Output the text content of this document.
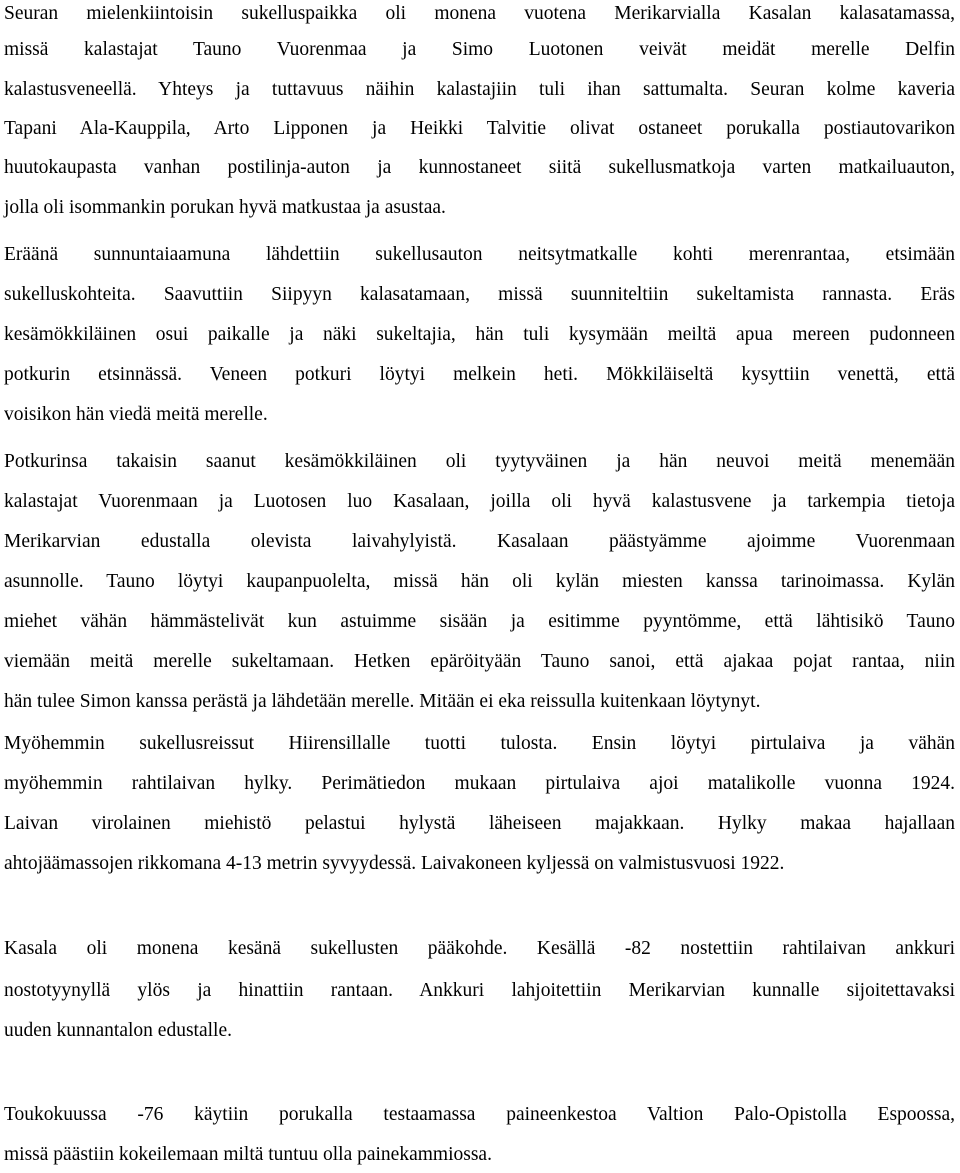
Seuran mielenkiintoisin sukelluspaikka oli monena vuotena Merikarvialla Kasalan kalasatamassa,
missä kalastajat Tauno Vuorenmaa ja Simo Luotonen veivät meidät merelle Delfin
kalastusveneellä. Yhteys ja tuttavuus näihin kalastajiin tuli ihan sattumalta. Seuran kolme kaveria
Tapani Ala-Kauppila, Arto Lipponen ja Heikki Talvitie olivat ostaneet porukalla postiautovarikon
huutokaupasta vanhan postilinja-auton ja kunnostaneet siitä sukellusmatkoja varten matkailuauton,
jolla oli isommankin porukan hyvä matkustaa ja asustaa.
Eräänä sunnuntaiaamuna lähdettiin sukellusauton neitsytmatkalle kohti merenrantaa, etsimään
sukelluskohteita. Saavuttiin Siipyyn kalasatamaan, missä suunniteltiin sukeltamista rannasta. Eräs
kesämökkiläinen osui paikalle ja näki sukeltajia, hän tuli kysymään meiltä apua mereen pudonneen
potkurin etsinnässä. Veneen potkuri löytyi melkein heti. Mökkiläiseltä kysyttiin venettä, että
voisikon hän viedä meitä merelle.
Potkurinsa takaisin saanut kesämökkiläinen oli tyytyväinen ja hän neuvoi meitä menemään
kalastajat Vuorenmaan ja Luotosen luo Kasalaan, joilla oli hyvä kalastusvene ja tarkempia tietoja
Merikarvian edustalla olevista laivahylyistä. Kasalaan päästyämme ajoimme Vuorenmaan
asunnolle. Tauno löytyi kaupanpuolelta, missä hän oli kylän miesten kanssa tarinoimassa. Kylän
miehet vähän hämmästelivät kun astuimme sisään ja esitimme pyyntömme, että lähtisikö Tauno
viemään meitä merelle sukeltamaan. Hetken epäröityään Tauno sanoi, että ajakaa pojat rantaa, niin
hän tulee Simon kanssa perästä ja lähdetään merelle. Mitään ei eka reissulla kuitenkaan löytynyt.
Myöhemmin sukellusreissut Hiirensillalle tuotti tulosta. Ensin löytyi pirtulaiva ja vähän
myöhemmin rahtilaivan hylky. Perimätiedon mukaan pirtulaiva ajoi matalikolle vuonna 1924.
Laivan virolainen miehistö pelastui hylystä läheiseen majakkaan. Hylky makaa hajallaan
ahtojäämassojen rikkomana 4-13 metrin syvyydessä. Laivakoneen kyljessä on valmistusvuosi 1922.
Kasala oli monena kesänä sukellusten pääkohde. Kesällä -82 nostettiin rahtilaivan ankkuri
nostotyynyllä ylös ja hinattiin rantaan. Ankkuri lahjoitettiin Merikarvian kunnalle sijoitettavaksi
uuden kunnantalon edustalle.
Toukokuussa -76 käytiin porukalla testaamassa paineenkestoa Valtion Palo-Opistolla Espoossa,
missä päästiin kokeilemaan miltä tuntuu olla painekammiossa.
